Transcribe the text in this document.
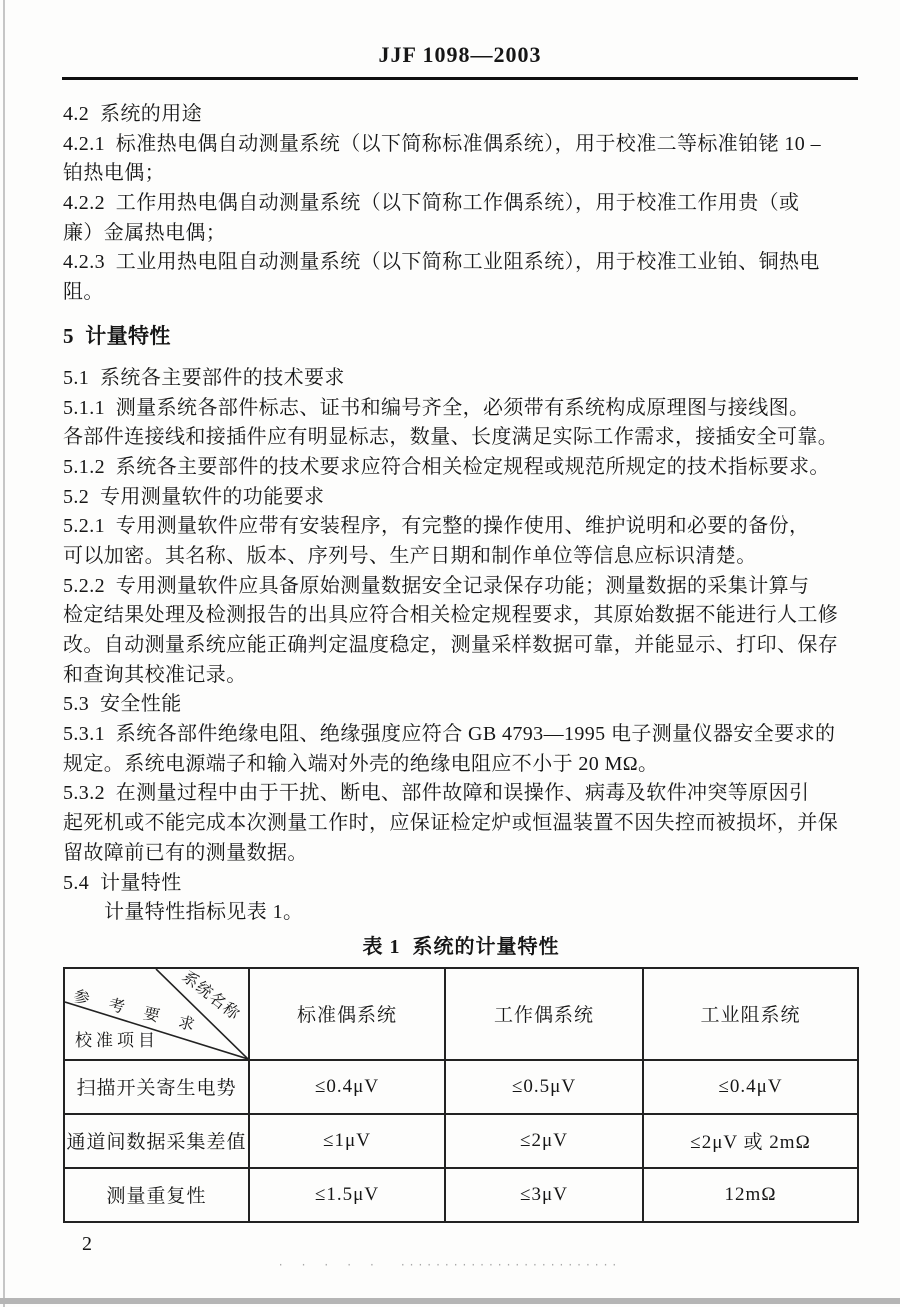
JJF 1098—2003
4.2  系统的用途
4.2.1  标准热电偶自动测量系统（以下简称标准偶系统），用于校准二等标准铂铑 10 –
铂热电偶；
4.2.2  工作用热电偶自动测量系统（以下简称工作偶系统），用于校准工作用贵（或
廉）金属热电偶；
4.2.3  工业用热电阻自动测量系统（以下简称工业阻系统），用于校准工业铂、铜热电
阻。
5  计量特性
5.1  系统各主要部件的技术要求
5.1.1  测量系统各部件标志、证书和编号齐全，必须带有系统构成原理图与接线图。
各部件连接线和接插件应有明显标志，数量、长度满足实际工作需求，接插安全可靠。
5.1.2  系统各主要部件的技术要求应符合相关检定规程或规范所规定的技术指标要求。
5.2  专用测量软件的功能要求
5.2.1  专用测量软件应带有安装程序，有完整的操作使用、维护说明和必要的备份，
可以加密。其名称、版本、序列号、生产日期和制作单位等信息应标识清楚。
5.2.2  专用测量软件应具备原始测量数据安全记录保存功能；测量数据的采集计算与
检定结果处理及检测报告的出具应符合相关检定规程要求，其原始数据不能进行人工修
改。自动测量系统应能正确判定温度稳定，测量采样数据可靠，并能显示、打印、保存
和查询其校准记录。
5.3  安全性能
5.3.1  系统各部件绝缘电阻、绝缘强度应符合 GB 4793—1995 电子测量仪器安全要求的
规定。系统电源端子和输入端对外壳的绝缘电阻应不小于 20 MΩ。
5.3.2  在测量过程中由于干扰、断电、部件故障和误操作、病毒及软件冲突等原因引
起死机或不能完成本次测量工作时，应保证检定炉或恒温装置不因失控而被损坏，并保
留故障前已有的测量数据。
5.4  计量特性
计量特性指标见表 1。
表 1  系统的计量特性
系统名称
参 考 要 求
校准项目	标准偶系统	工作偶系统	工业阻系统
扫描开关寄生电势	≤0.4μV	≤0.5μV	≤0.4μV
通道间数据采集差值	≤1μV	≤2μV	≤2μV 或 2mΩ
测量重复性	≤1.5μV	≤3μV	12mΩ
2
····· ·························
